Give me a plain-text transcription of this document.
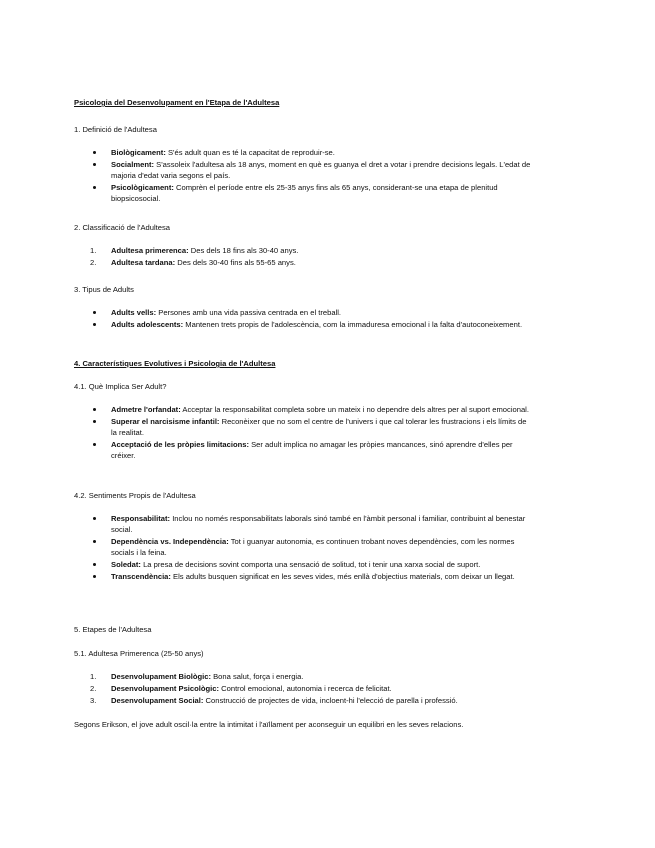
Psicologia del Desenvolupament en l'Etapa de l'Adultesa
1. Definició de l'Adultesa
Biològicament: S'és adult quan es té la capacitat de reproduir-se.
Socialment: S'assoleix l'adultesa als 18 anys, moment en què es guanya el dret a votar i prendre decisions legals. L'edat de majoria d'edat varia segons el país.
Psicològicament: Comprèn el període entre els 25-35 anys fins als 65 anys, considerant-se una etapa de plenitud biopsicosocial.
2. Classificació de l'Adultesa
1. Adultesa primerenca: Des dels 18 fins als 30-40 anys.
2. Adultesa tardana: Des dels 30-40 fins als 55-65 anys.
3. Tipus de Adults
Adults vells: Persones amb una vida passiva centrada en el treball.
Adults adolescents: Mantenen trets propis de l'adolescència, com la immaduresa emocional i la falta d'autoconeixement.
4. Característiques Evolutives i Psicologia de l'Adultesa
4.1. Què Implica Ser Adult?
Admetre l'orfandat: Acceptar la responsabilitat completa sobre un mateix i no dependre dels altres per al suport emocional.
Superar el narcisisme infantil: Reconèixer que no som el centre de l'univers i que cal tolerar les frustracions i els límits de la realitat.
Acceptació de les pròpies limitacions: Ser adult implica no amagar les pròpies mancances, sinó aprendre d'elles per créixer.
4.2. Sentiments Propis de l'Adultesa
Responsabilitat: Inclou no només responsabilitats laborals sinó també en l'àmbit personal i familiar, contribuint al benestar social.
Dependència vs. Independència: Tot i guanyar autonomia, es continuen trobant noves dependències, com les normes socials i la feina.
Soledat: La presa de decisions sovint comporta una sensació de solitud, tot i tenir una xarxa social de suport.
Transcendència: Els adults busquen significat en les seves vides, més enllà d'objectius materials, com deixar un llegat.
5. Etapes de l'Adultesa
5.1. Adultesa Primerenca (25-50 anys)
1. Desenvolupament Biològic: Bona salut, força i energia.
2. Desenvolupament Psicològic: Control emocional, autonomia i recerca de felicitat.
3. Desenvolupament Social: Construcció de projectes de vida, incloent-hi l'elecció de parella i professió.

Segons Erikson, el jove adult oscil·la entre la intimitat i l'aïllament per aconseguir un equilibri en les seves relacions.
